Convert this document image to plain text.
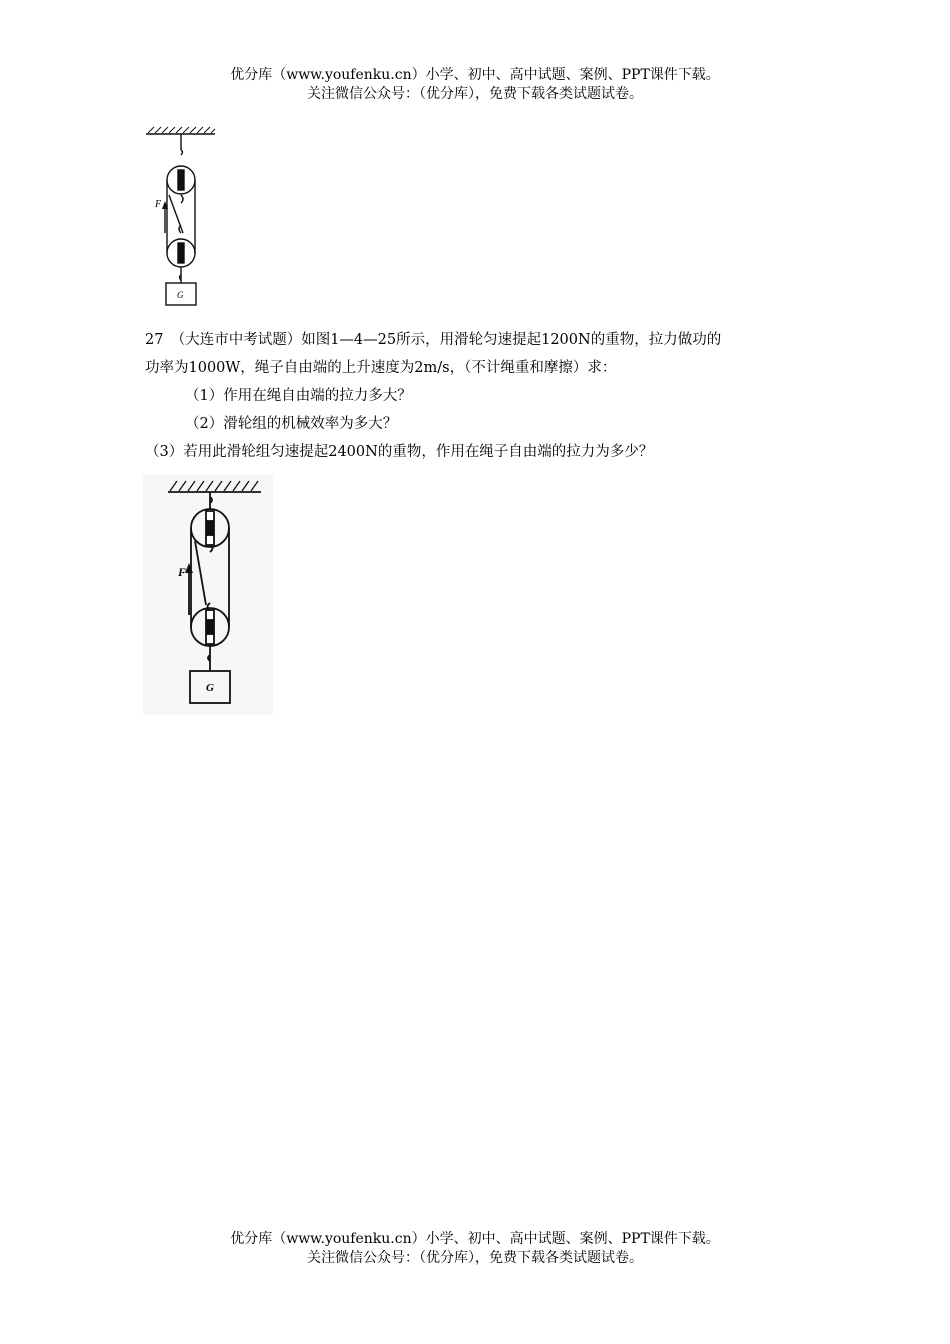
优分库（www.youfenku.cn）小学、初中、高中试题、案例、PPT课件下载。
关注微信公众号：（优分库），免费下载各类试题试卷。
F
G

27　（大连市中考试题）如图1—4—25所示，用滑轮匀速提起1200N的重物，拉力做功的

功率为1000W，绳子自由端的上升速度为2m/s，（不计绳重和摩擦）求：

（1）作用在绳自由端的拉力多大？

（2）滑轮组的机械效率为多大？

（3）若用此滑轮组匀速提起2400N的重物，作用在绳子自由端的拉力为多少？

F
G
优分库（www.youfenku.cn）小学、初中、高中试题、案例、PPT课件下载。
关注微信公众号：（优分库），免费下载各类试题试卷。
